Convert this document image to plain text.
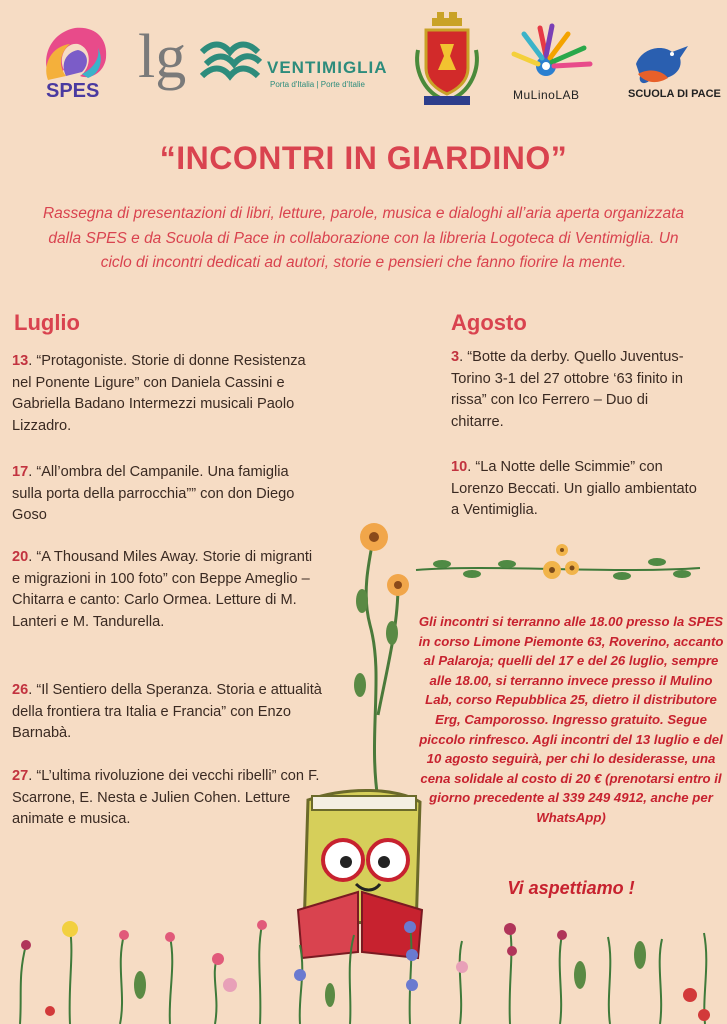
SPES lg	VENTIMIGLIA
Porta d'Italia | Porte d'Italie
MuLinoLAB	SCUOLA DI PACE
“INCONTRI IN GIARDINO”
Rassegna di presentazioni di libri, letture, parole, musica e dialoghi all’aria aperta organizzata dalla SPES e da Scuola di Pace in collaborazione con la libreria Logoteca di Ventimiglia. Un ciclo di incontri dedicati ad autori, storie e pensieri che fanno fiorire la mente.
Luglio

13. “Protagoniste. Storie di donne Resistenza nel Ponente Ligure” con Daniela Cassini e Gabriella Badano Intermezzi musicali Paolo Lizzadro.

17. “All’ombra del Campanile. Una famiglia sulla porta della parrocchia”” con don Diego Goso

20. “A Thousand Miles Away. Storie di migranti e migrazioni in 100 foto” con Beppe Ameglio – Chitarra e canto: Carlo Ormea. Letture di M. Lanteri e M. Tandurella.

26. “Il Sentiero della Speranza. Storia e attualità della frontiera tra Italia e Francia” con Enzo Barnabà.

27. “L’ultima rivoluzione dei vecchi ribelli” con F. Scarrone, E. Nesta e Julien Cohen. Letture animate e musica.

Agosto

3. “Botte da derby. Quello Juventus-Torino 3-1 del 27 ottobre ‘63 finito in rissa” con Ico Ferrero – Duo di chitarre.

10. “La Notte delle Scimmie” con Lorenzo Beccati. Un giallo ambientato a Ventimiglia.

Gli incontri si terranno alle 18.00 presso la SPES in corso Limone Piemonte 63, Roverino, accanto al Palaroja; quelli del 17 e del 26 luglio, sempre alle 18.00, si terranno invece presso il Mulino Lab, corso Repubblica 25, dietro il distributore Erg, Camporosso. Ingresso gratuito. Segue piccolo rinfresco. Agli incontri del 13 luglio e del 10 agosto seguirà, per chi lo desiderasse, una cena solidale al costo di 20 € (prenotarsi entro il giorno precedente al 339 249 4912, anche per WhatsApp)
Vi aspettiamo !
